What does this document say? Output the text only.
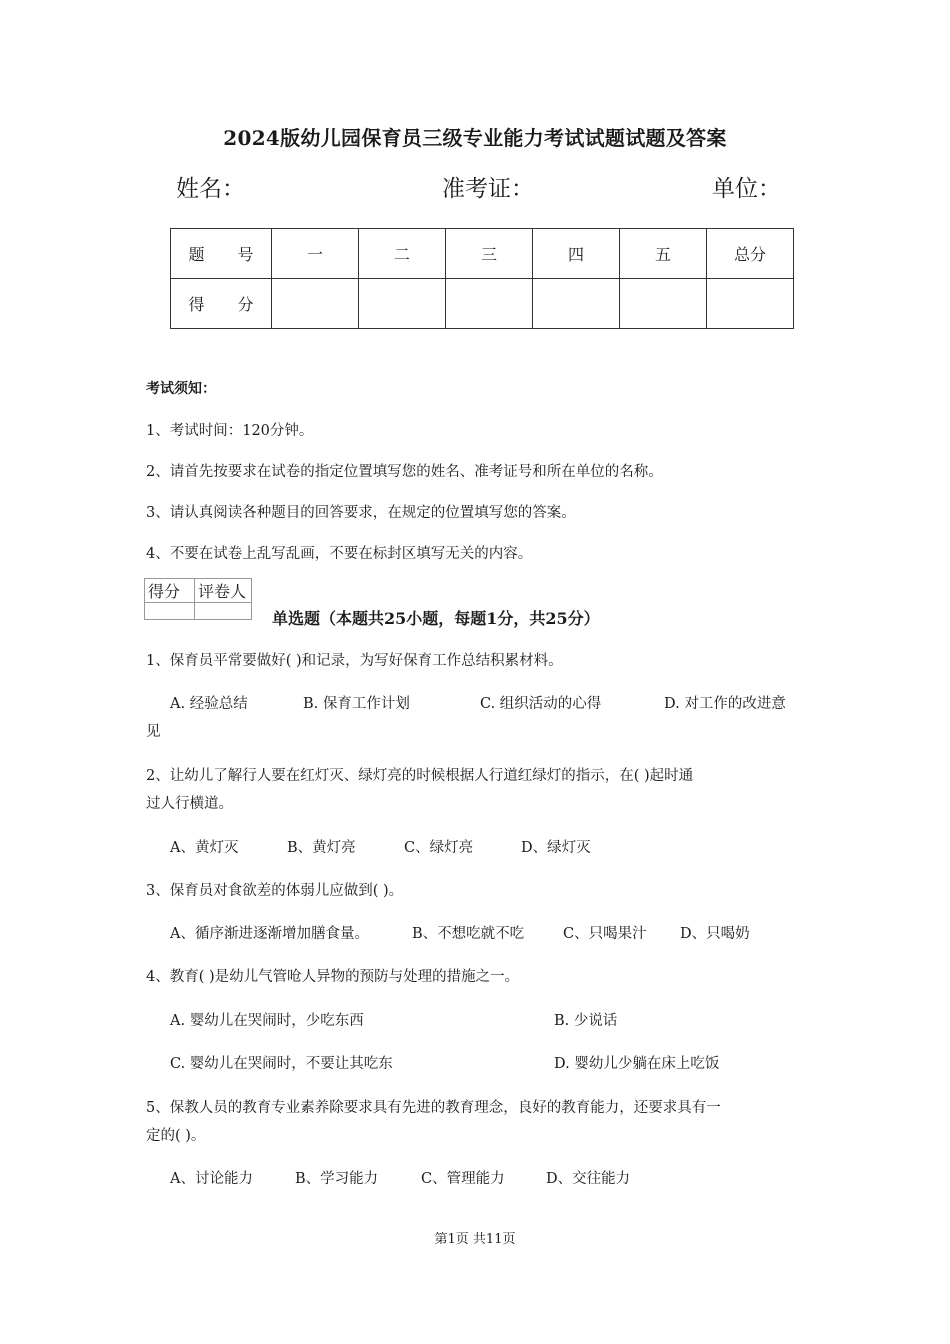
2024版幼儿园保育员三级专业能力考试试题试题及答案
姓名：	准考证：	单位：
题 号	一	二	三	四	五	总分
得 分						
考试须知：
1、考试时间：120分钟。
2、请首先按要求在试卷的指定位置填写您的姓名、准考证号和所在单位的名称。
3、请认真阅读各种题目的回答要求，在规定的位置填写您的答案。
4、不要在试卷上乱写乱画，不要在标封区填写无关的内容。
得分	评卷人

单选题（本题共25小题，每题1分，共25分）
1、保育员平常要做好( )和记录，为写好保育工作总结积累材料。
A. 经验总结	B. 保育工作计划	C. 组织活动的心得	D. 对工作的改进意
见
2、让幼儿了解行人要在红灯灭、绿灯亮的时候根据人行道红绿灯的指示，在( )起时通
过人行横道。
A、黄灯灭	B、黄灯亮	C、绿灯亮	D、绿灯灭
3、保育员对食欲差的体弱儿应做到( )。
A、循序渐进逐渐增加膳食量。	B、不想吃就不吃	C、只喝果汁 D、只喝奶
4、教育( )是幼儿气管呛人异物的预防与处理的措施之一。
A. 婴幼儿在哭闹时，少吃东西	B. 少说话
C. 婴幼儿在哭闹时，不要让其吃东	D. 婴幼儿少躺在床上吃饭
5、保教人员的教育专业素养除要求具有先进的教育理念，良好的教育能力，还要求具有一
定的( )。
A、讨论能力	B、学习能力	C、管理能力	D、交往能力
第1页 共11页
